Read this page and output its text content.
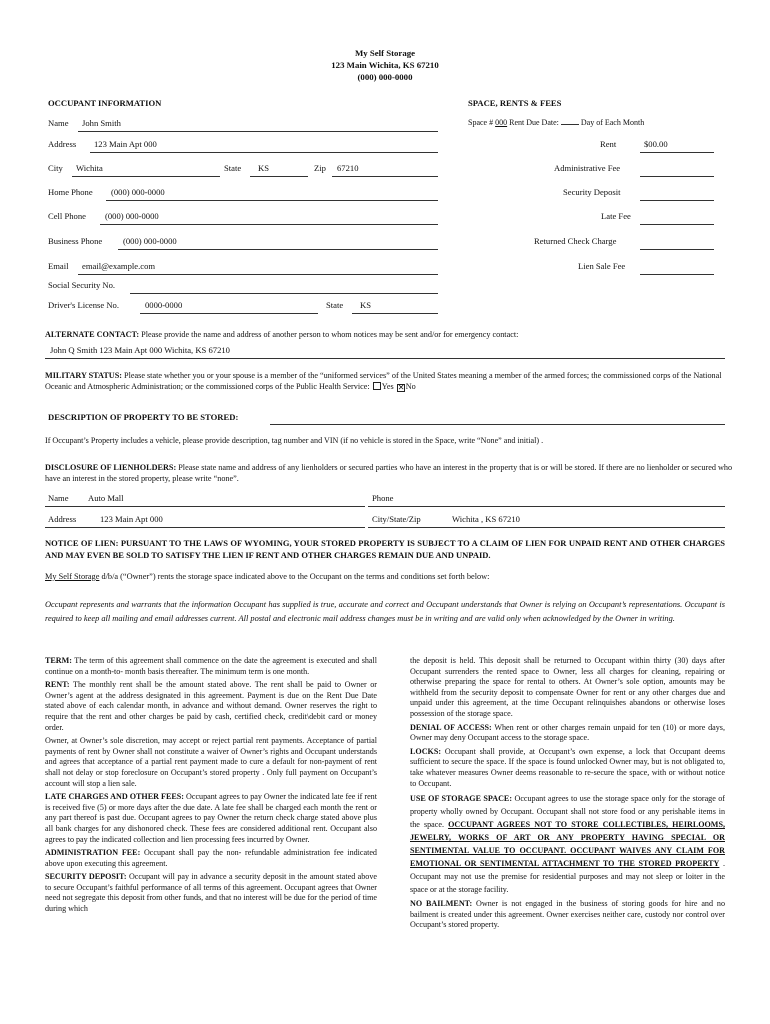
My Self Storage
123 Main Wichita, KS 67210
(000) 000-0000
OCCUPANT INFORMATION
Name John Smith
Address 123 Main Apt 000
City Wichita	State KS	Zip 67210
Home Phone (000) 000-0000
Cell Phone (000) 000-0000
Business Phone (000) 000-0000
Email email@example.com
Social Security No.
Driver's License No.	0000-0000	State KS
SPACE, RENTS & FEES
Space # 000 Rent Due Date:	Day of Each Month
Rent	$00.00
Administrative Fee
Security Deposit
Late Fee
Returned Check Charge
Lien Sale Fee
ALTERNATE CONTACT: Please provide the name and address of another person to whom notices may be sent and/or for emergency contact:
John Q Smith 123 Main Apt 000 Wichita, KS 67210
MILITARY STATUS: Please state whether you or your spouse is a member of the “uniformed services” of the United States meaning a member of the armed forces; the commissioned corps of the National Oceanic and Atmospheric Administration; or the commissioned corps of the Public Health Service: Yes ✕No
DESCRIPTION OF PROPERTY TO BE STORED:
If Occupant’s Property includes a vehicle, please provide description, tag number and VIN (if no vehicle is stored in the Space, write “None” and initial) .
DISCLOSURE OF LIENHOLDERS: Please state name and address of any lienholders or secured parties who have an interest in the property that is or will be stored. If there are no lienholder or secured who have an interest in the stored property, please write “none”.
Name Auto Mall	Phone
Address	123 Main Apt 000	City/State/Zip	Wichita , KS 67210
NOTICE OF LIEN: PURSUANT TO THE LAWS OF WYOMING, YOUR STORED PROPERTY IS SUBJECT TO A CLAIM OF LIEN FOR UNPAID RENT AND OTHER CHARGES AND MAY EVEN BE SOLD TO SATISFY THE LIEN IF RENT AND OTHER CHARGES REMAIN DUE AND UNPAID.
My Self Storage d/b/a (“Owner”) rents the storage space indicated above to the Occupant on the terms and conditions set forth below:
Occupant represents and warrants that the information Occupant has supplied is true, accurate and correct and Occupant understands that Owner is relying on Occupant’s representations. Occupant is required to keep all mailing and email addresses current. All postal and electronic mail address changes must be in writing and are valid only when acknowledged by the Owner in writing.

TERM: The term of this agreement shall commence on the date the agreement is executed and shall continue on a month-to- month basis thereafter. The minimum term is one month.

RENT: The monthly rent shall be the amount stated above. The rent shall be paid to Owner or Owner’s agent at the address designated in this agreement. Payment is due on the Rent Due Date stated above of each calendar month, in advance and without demand. Owner reserves the right to require that the rent and other charges be paid by cash, certified check, credit\debit card or money order.

Owner, at Owner’s sole discretion, may accept or reject partial rent payments. Acceptance of partial payments of rent by Owner shall not constitute a waiver of Owner’s rights and Occupant understands and agrees that acceptance of a partial rent payment made to cure a default for non-payment of rent shall not delay or stop foreclosure on Occupant’s stored property . Only full payment on Occupant’s account will stop a lien sale.

LATE CHARGES AND OTHER FEES: Occupant agrees to pay Owner the indicated late fee if rent is received five (5) or more days after the due date. A late fee shall be charged each month the rent or any part thereof is past due. Occupant agrees to pay Owner the return check charge stated above plus all bank charges for any dishonored check. These fees are considered additional rent. Occupant also agrees to pay the indicated collection and lien processing fees incurred by Owner.

ADMINISTRATION FEE: Occupant shall pay the non- refundable administration fee indicated above upon executing this agreement.

SECURITY DEPOSIT: Occupant will pay in advance a security deposit in the amount stated above to secure Occupant’s faithful performance of all terms of this agreement. Occupant agrees that Owner need not segregate this deposit from other funds, and that no interest will be due for the period of time during which

the deposit is held. This deposit shall be returned to Occupant within thirty (30) days after Occupant surrenders the rented space to Owner, less all charges for cleaning, repairing or otherwise preparing the space for rental to others. At Owner’s sole option, amounts may be withheld from the security deposit to compensate Owner for rent or any other charges due and unpaid under this agreement, at the time Occupant relinquishes abandons or otherwise loses possession of the storage space.

DENIAL OF ACCESS: When rent or other charges remain unpaid for ten (10) or more days, Owner may deny Occupant access to the storage space.

LOCKS: Occupant shall provide, at Occupant’s own expense, a lock that Occupant deems sufficient to secure the space. If the space is found unlocked Owner may, but is not obligated to, take whatever measures Owner deems reasonable to re-secure the space, with or without notice to Occupant.

USE OF STORAGE SPACE: Occupant agrees to use the storage space only for the storage of property wholly owned by Occupant. Occupant shall not store food or any perishable items in the space. OCCUPANT AGREES NOT TO STORE COLLECTIBLES, HEIRLOOMS, JEWELRY, WORKS OF ART OR ANY PROPERTY HAVING SPECIAL OR SENTIMENTAL VALUE TO OCCUPANT. OCCUPANT WAIVES ANY CLAIM FOR EMOTIONAL OR SENTIMENTAL ATTACHMENT TO THE STORED PROPERTY . Occupant may not use the premise for residential purposes and may not sleep or loiter in the space or at the storage facility.

NO BAILMENT: Owner is not engaged in the business of storing goods for hire and no bailment is created under this agreement. Owner exercises neither care, custody nor control over Occupant’s stored property.
